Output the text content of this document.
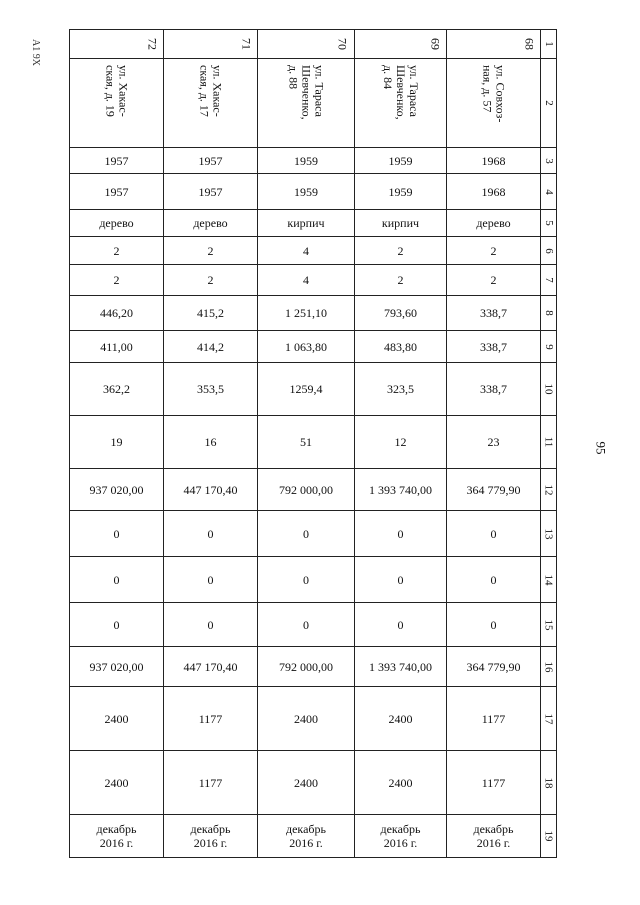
А1 9Х
95
72	71	70	69	68	1

ул. Хакас-
ская, д. 19	ул. Хакас-
ская, д. 17	ул. Тараса
Шевченко,
д. 88	ул. Тараса
Шевченко,
д. 84	ул. Совхоз-
ная, д. 57	2
1957	1957	1959	1959	1968	3
1957	1957	1959	1959	1968	4
дерево	дерево	кирпич	кирпич	дерево	5
2	2	4	2	2	6
2	2	4	2	2	7
446,20	415,2	1 251,10	793,60	338,7	8
411,00	414,2	1 063,80	483,80	338,7	9
362,2	353,5	1259,4	323,5	338,7	10
19	16	51	12	23	11
937 020,00	447 170,40	792 000,00	1 393 740,00	364 779,90	12
0	0	0	0	0	13
0	0	0	0	0	14
0	0	0	0	0	15
937 020,00	447 170,40	792 000,00	1 393 740,00	364 779,90	16
2400	1177	2400	2400	1177	17
2400	1177	2400	2400	1177	18
декабрь
2016 г.	декабрь
2016 г.	декабрь
2016 г.	декабрь
2016 г.	декабрь
2016 г.	19
